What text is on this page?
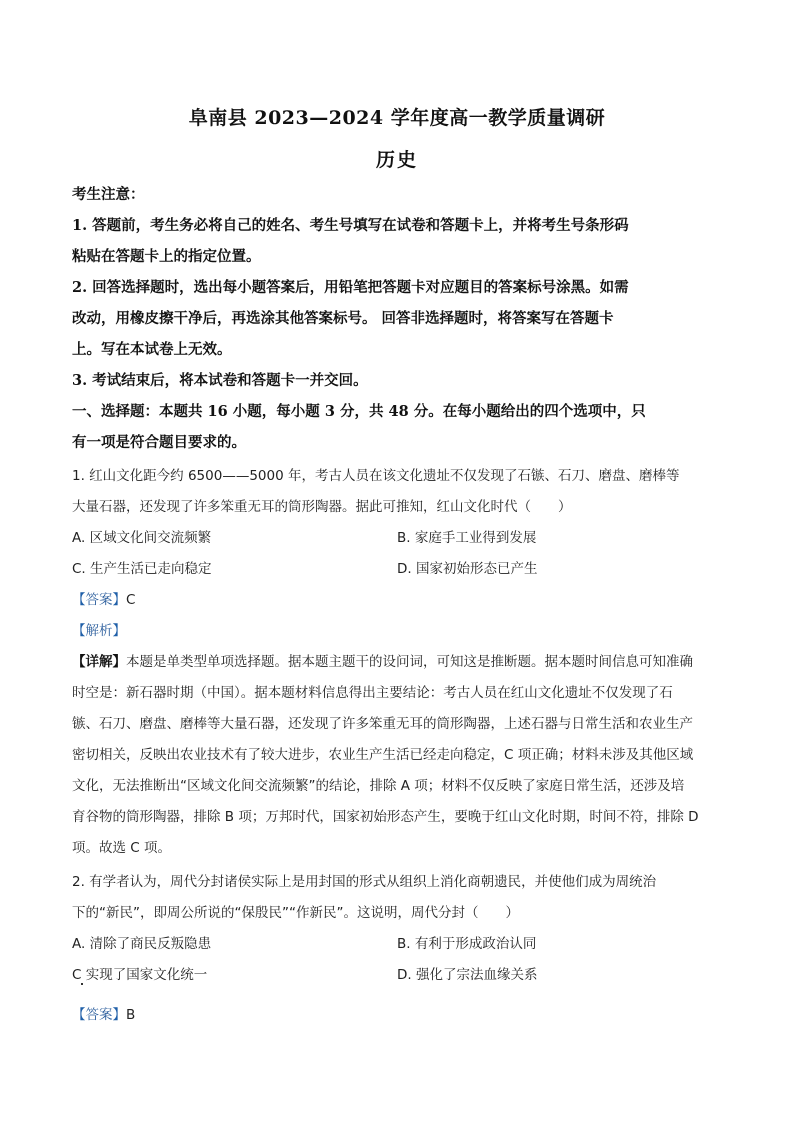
阜南县 2023—2024 学年度高一教学质量调研
历史
考生注意：
1. 答题前，考生务必将自己的姓名、考生号填写在试卷和答题卡上，并将考生号条形码
粘贴在答题卡上的指定位置。
2. 回答选择题时，选出每小题答案后，用铅笔把答题卡对应题目的答案标号涂黑。如需
改动，用橡皮擦干净后，再选涂其他答案标号。 回答非选择题时，将答案写在答题卡
上。写在本试卷上无效。
3. 考试结束后，将本试卷和答题卡一并交回。
一、选择题：本题共 16 小题，每小题 3 分，共 48 分。在每小题给出的四个选项中，只
有一项是符合题目要求的。
1. 红山文化距今约 6500——5000 年，考古人员在该文化遗址不仅发现了石镞、石刀、磨盘、磨棒等
大量石器，还发现了许多笨重无耳的筒形陶器。据此可推知，红山文化时代（　　）
A. 区域文化间交流频繁	B. 家庭手工业得到发展
C. 生产生活已走向稳定	D. 国家初始形态已产生
【答案】C
【解析】
【详解】本题是单类型单项选择题。据本题主题干的设问词，可知这是推断题。据本题时间信息可知准确
时空是：新石器时期（中国）。据本题材料信息得出主要结论：考古人员在红山文化遗址不仅发现了石
镞、石刀、磨盘、磨棒等大量石器，还发现了许多笨重无耳的筒形陶器，上述石器与日常生活和农业生产
密切相关，反映出农业技术有了较大进步，农业生产生活已经走向稳定，C 项正确；材料未涉及其他区域
文化，无法推断出“区域文化间交流频繁”的结论，排除 A 项；材料不仅反映了家庭日常生活，还涉及培
育谷物的筒形陶器，排除 B 项；万邦时代，国家初始形态产生，要晚于红山文化时期，时间不符，排除 D
项。故选 C 项。
2. 有学者认为，周代分封诸侯实际上是用封国的形式从组织上消化商朝遗民，并使他们成为周统治
下的“新民”，即周公所说的“保殷民”“作新民”。这说明，周代分封（　　）
A. 清除了商民反叛隐患	B. 有利于形成政治认同
C 实现了国家文化统一	D. 强化了宗法血缘关系
【答案】B
